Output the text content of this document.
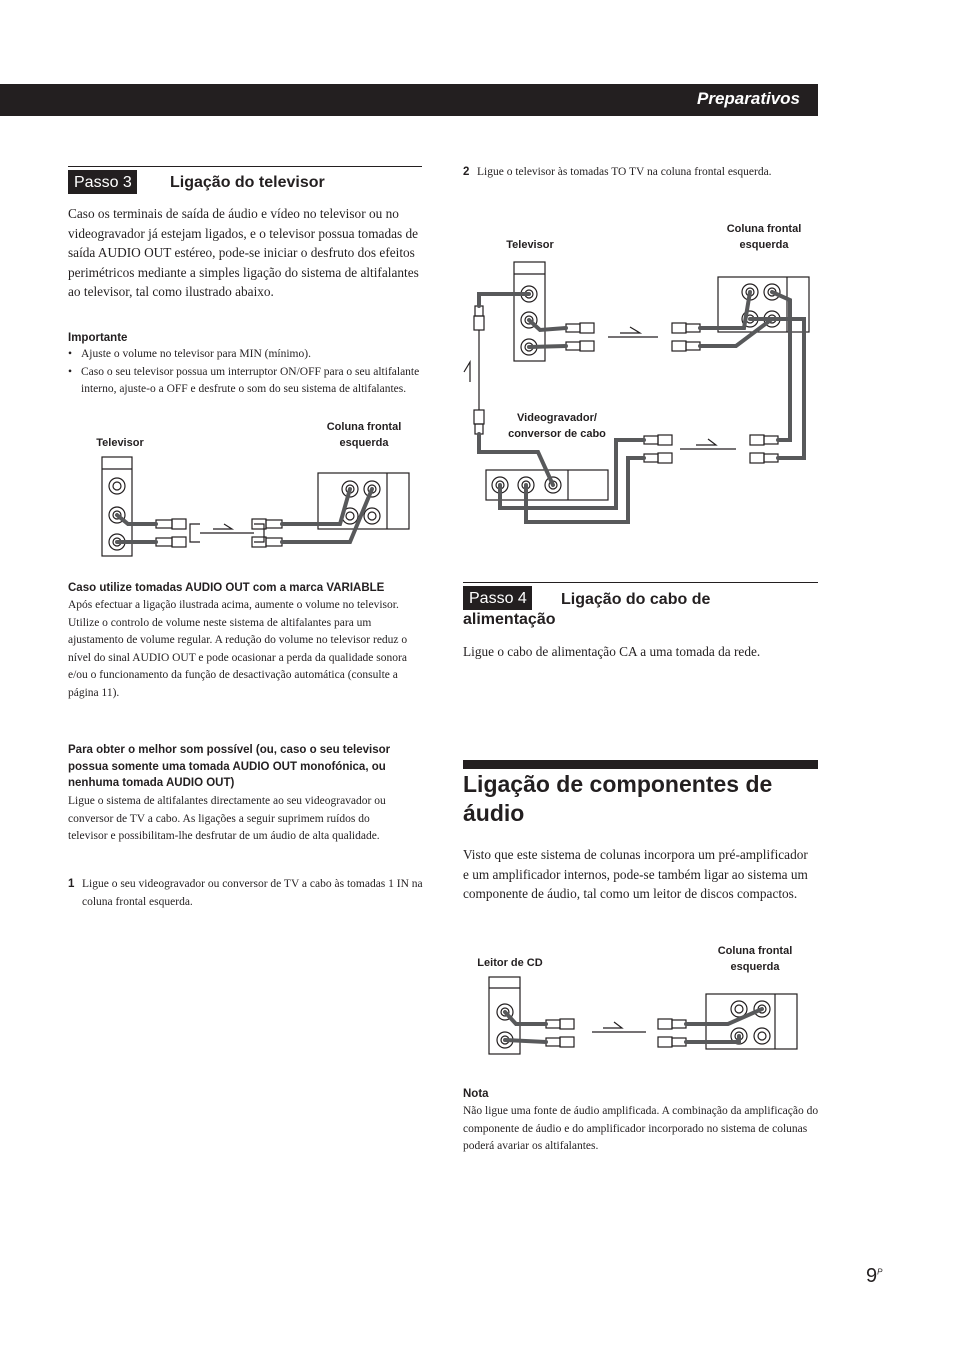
Preparativos
Passo 3	Ligação do televisor
Caso os terminais de saída de áudio e vídeo no televisor ou no videogravador já estejam ligados, e o televisor possua tomadas de saída AUDIO OUT estéreo, pode-se iniciar o desfruto dos efeitos perimétricos mediante a simples ligação do sistema de altifalantes ao televisor, tal como ilustrado abaixo.
Importante
• Ajuste o volume no televisor para MIN (mínimo).
• Caso o seu televisor possua um interruptor ON/OFF para o seu altifalante interno, ajuste-o a OFF e desfrute o som do seu sistema de altifalantes.
Televisor
Coluna frontal esquerda
Caso utilize tomadas AUDIO OUT com a marca VARIABLE
Após efectuar a ligação ilustrada acima, aumente o volume no televisor. Utilize o controlo de volume neste sistema de altifalantes para um ajustamento de volume regular. A redução do volume no televisor reduz o nível do sinal AUDIO OUT e pode ocasionar a perda da qualidade sonora e/ou o funcionamento da função de desactivação automática (consulte a página 11).
Para obter o melhor som possível (ou, caso o seu televisor possua somente uma tomada AUDIO OUT monofónica, ou nenhuma tomada AUDIO OUT)
Ligue o sistema de altifalantes directamente ao seu videogravador ou conversor de TV a cabo. As ligações a seguir suprimem ruídos do televisor e possibilitam-lhe desfrutar de um áudio de alta qualidade.
1 Ligue o seu videogravador ou conversor de TV a cabo às tomadas 1 IN na coluna frontal esquerda.
2 Ligue o televisor às tomadas TO TV na coluna frontal esquerda.
Televisor
Coluna frontal esquerda
Videogravador/ conversor de cabo
Passo 4	Ligação do cabo de
alimentação
Ligue o cabo de alimentação CA a uma tomada da rede.
Ligação de componentes de
áudio
Visto que este sistema de colunas incorpora um pré-amplificador e um amplificador internos, pode-se também ligar ao sistema um componente de áudio, tal como um leitor de discos compactos.
Leitor de CD
Coluna frontal esquerda
Nota
Não ligue uma fonte de áudio amplificada. A combinação da amplificação do componente de áudio e do amplificador incorporado no sistema de colunas poderá avariar os altifalantes.
$9^P$
